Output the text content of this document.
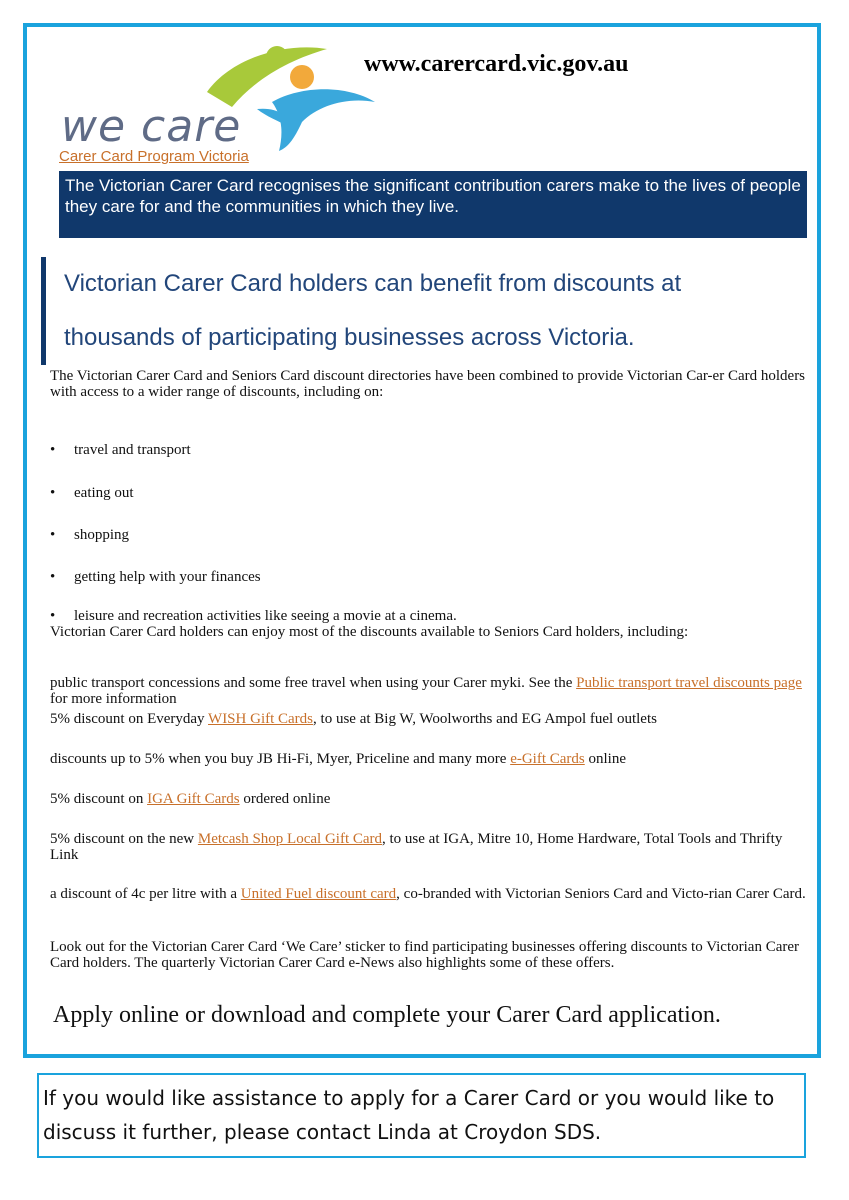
we care
www.carercard.vic.gov.au
Carer Card Program Victoria
The Victorian Carer Card recognises the significant contribution carers make to the lives of people they care for and the communities in which they live.
Victorian Carer Card holders can benefit from discounts at
thousands of participating businesses across Victoria.
The Victorian Carer Card and Seniors Card discount directories have been combined to provide Victorian Car-er Card holders with access to a wider range of discounts, including on:
• travel and transport
• eating out
• shopping
• getting help with your finances
• leisure and recreation activities like seeing a movie at a cinema.
Victorian Carer Card holders can enjoy most of the discounts available to Seniors Card holders, including:
public transport concessions and some free travel when using your Carer myki. See the Public transport travel discounts page for more information
5% discount on Everyday WISH Gift Cards, to use at Big W, Woolworths and EG Ampol fuel outlets
discounts up to 5% when you buy JB Hi-Fi, Myer, Priceline and many more e-Gift Cards online
5% discount on IGA Gift Cards ordered online
5% discount on the new Metcash Shop Local Gift Card, to use at IGA, Mitre 10, Home Hardware, Total Tools and Thrifty Link
a discount of 4c per litre with a United Fuel discount card, co-branded with Victorian Seniors Card and Victo-rian Carer Card.
Look out for the Victorian Carer Card ‘We Care’ sticker to find participating businesses offering discounts to Victorian Carer Card holders. The quarterly Victorian Carer Card e-News also highlights some of these offers.
Apply online or download and complete your Carer Card application.
If you would like assistance to apply for a Carer Card or you would like to discuss it further, please contact Linda at Croydon SDS.
